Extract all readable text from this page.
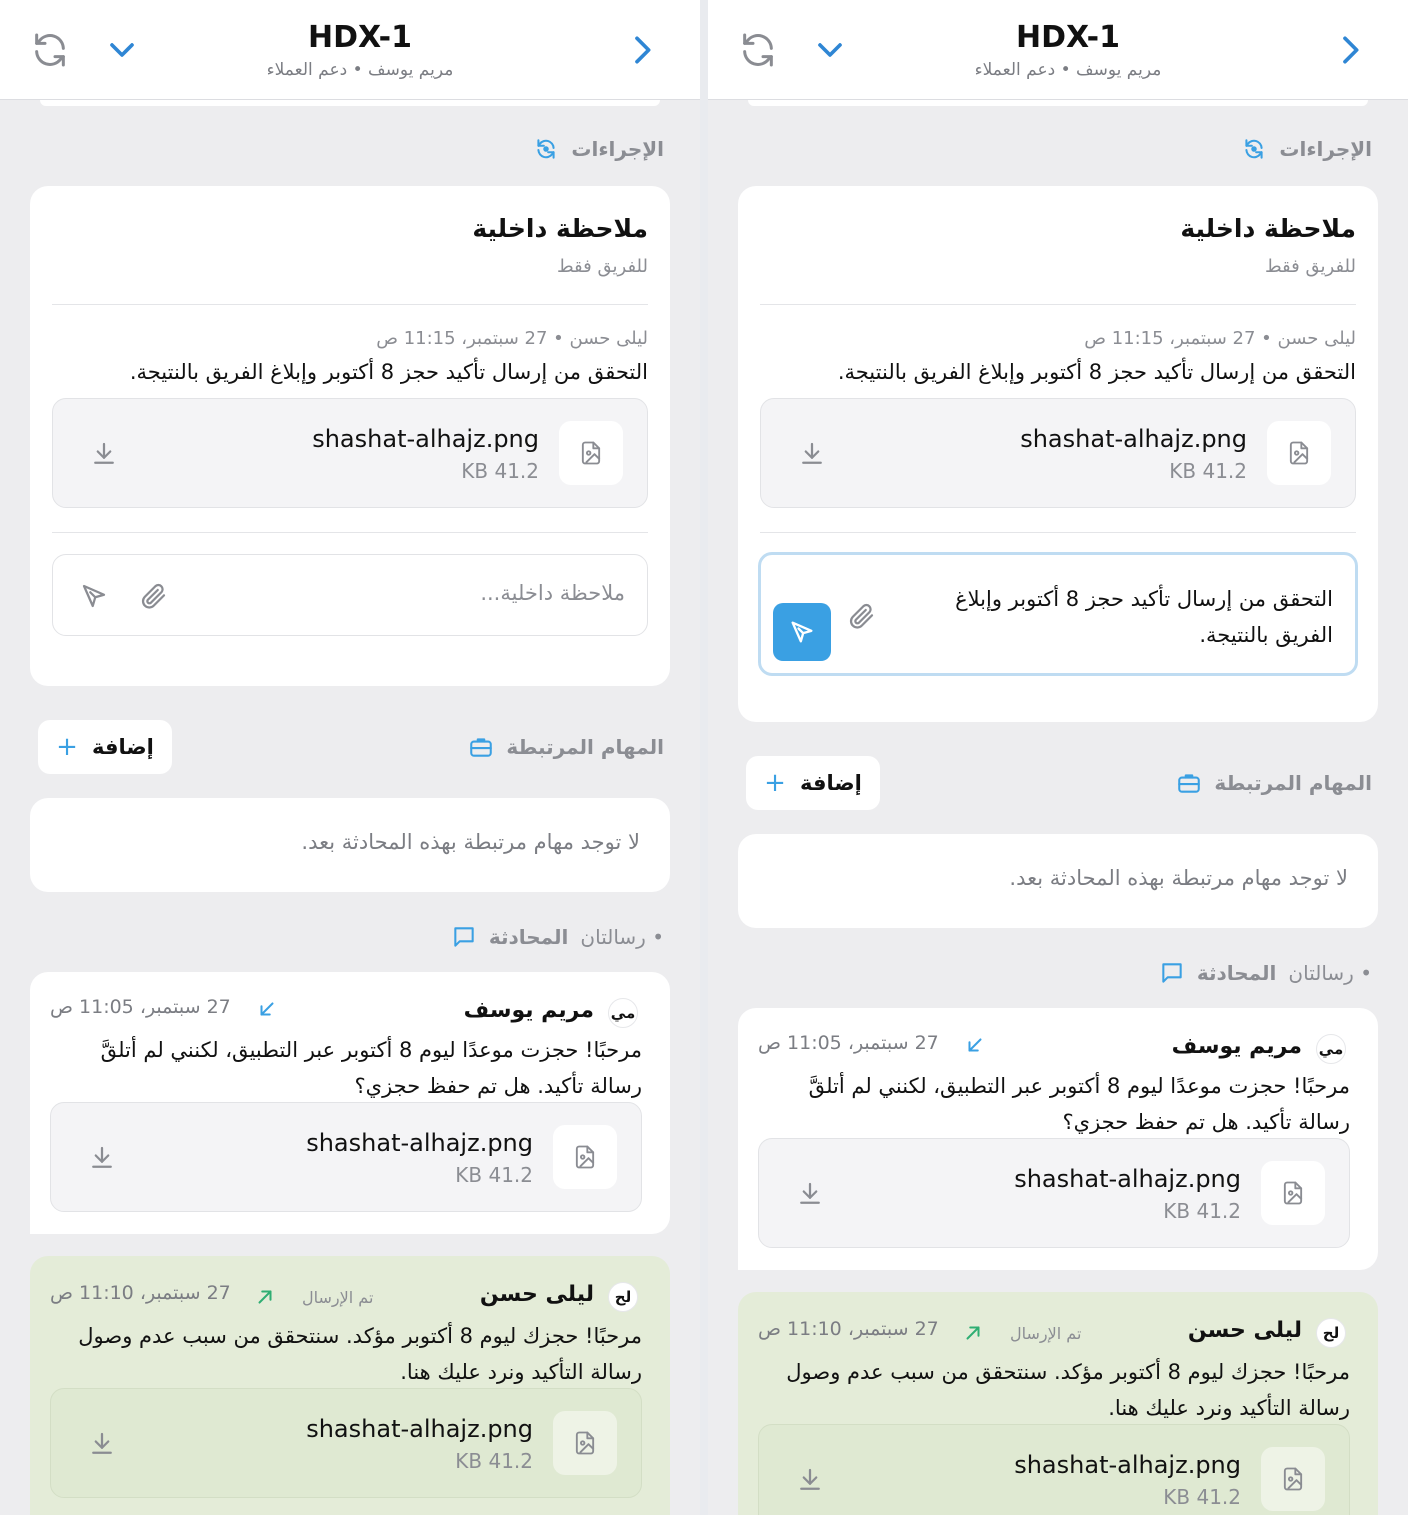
HDX-1
مريم يوسف • دعم العملاء
الإجراءات
ملاحظة داخلية
للفريق فقط
ليلى حسن • 27 سبتمبر، 11:15 ص
التحقق من إرسال تأكيد حجز 8 أكتوبر وإبلاغ الفريق بالنتيجة.
shashat-alhajz.png
41.2 KB
ملاحظة داخلية...
المهام المرتبطة
إضافة
+
لا توجد مهام مرتبطة بهذه المحادثة بعد.
المحادثة • رسالتان
مي
مريم يوسف
27 سبتمبر، 11:05 ص
مرحبًا! حجزت موعدًا ليوم 8 أكتوبر عبر التطبيق، لكنني لم أتلقَّ رسالة تأكيد. هل تم حفظ حجزي؟
shashat-alhajz.png
41.2 KB
لح
ليلى حسن
تم الإرسال
27 سبتمبر، 11:10 ص
مرحبًا! حجزك ليوم 8 أكتوبر مؤكد. سنتحقق من سبب عدم وصول رسالة التأكيد ونرد عليك هنا.
shashat-alhajz.png
41.2 KB
HDX-1
مريم يوسف • دعم العملاء
الإجراءات
ملاحظة داخلية
للفريق فقط
ليلى حسن • 27 سبتمبر، 11:15 ص
التحقق من إرسال تأكيد حجز 8 أكتوبر وإبلاغ الفريق بالنتيجة.
shashat-alhajz.png
41.2 KB
التحقق من إرسال تأكيد حجز 8 أكتوبر وإبلاغ الفريق بالنتيجة.
المهام المرتبطة
إضافة
+
لا توجد مهام مرتبطة بهذه المحادثة بعد.
المحادثة • رسالتان
مي
مريم يوسف
27 سبتمبر، 11:05 ص
مرحبًا! حجزت موعدًا ليوم 8 أكتوبر عبر التطبيق، لكنني لم أتلقَّ رسالة تأكيد. هل تم حفظ حجزي؟
shashat-alhajz.png
41.2 KB
لح
ليلى حسن
تم الإرسال
27 سبتمبر، 11:10 ص
مرحبًا! حجزك ليوم 8 أكتوبر مؤكد. سنتحقق من سبب عدم وصول رسالة التأكيد ونرد عليك هنا.
shashat-alhajz.png
41.2 KB
